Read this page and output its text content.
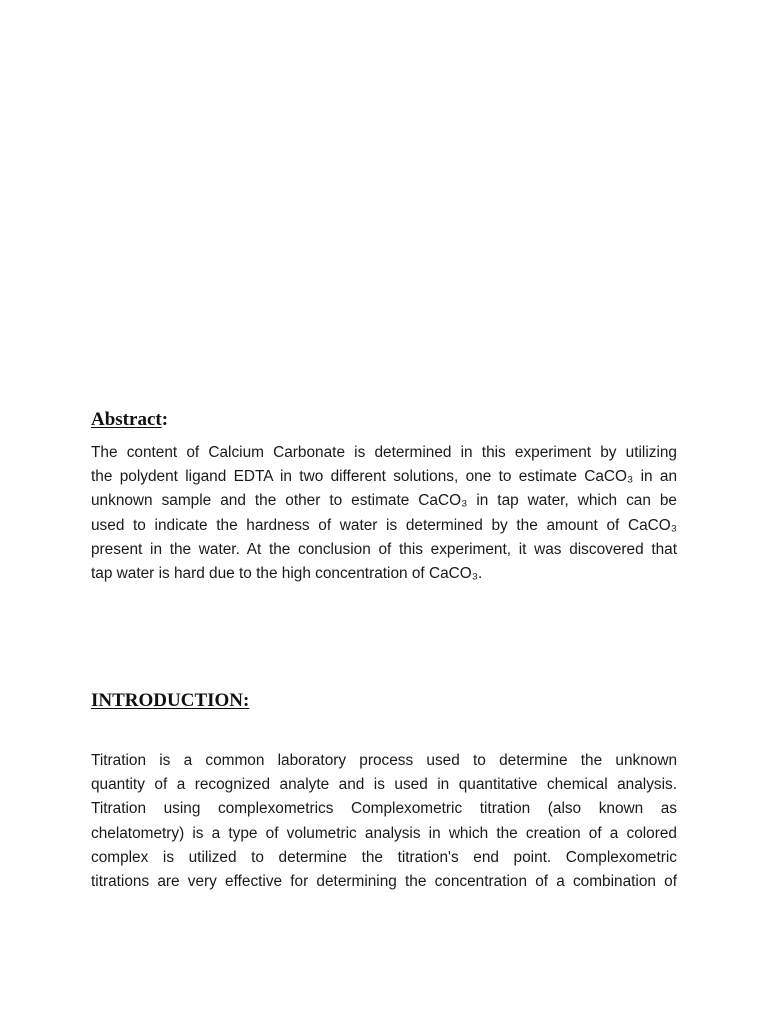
Abstract:

The content of Calcium Carbonate is determined in this experiment by utilizing
the polydent ligand EDTA in two different solutions, one to estimate CaCO₃ in an
unknown sample and the other to estimate CaCO₃ in tap water, which can be
used to indicate the hardness of water is determined by the amount of CaCO₃
present in the water. At the conclusion of this experiment, it was discovered that
tap water is hard due to the high concentration of CaCO₃.

INTRODUCTION:

Titration is a common laboratory process used to determine the unknown
quantity of a recognized analyte and is used in quantitative chemical analysis.
Titration using complexometrics Complexometric titration (also known as
chelatometry) is a type of volumetric analysis in which the creation of a colored
complex is utilized to determine the titration's end point. Complexometric
titrations are very effective for determining the concentration of a combination of
